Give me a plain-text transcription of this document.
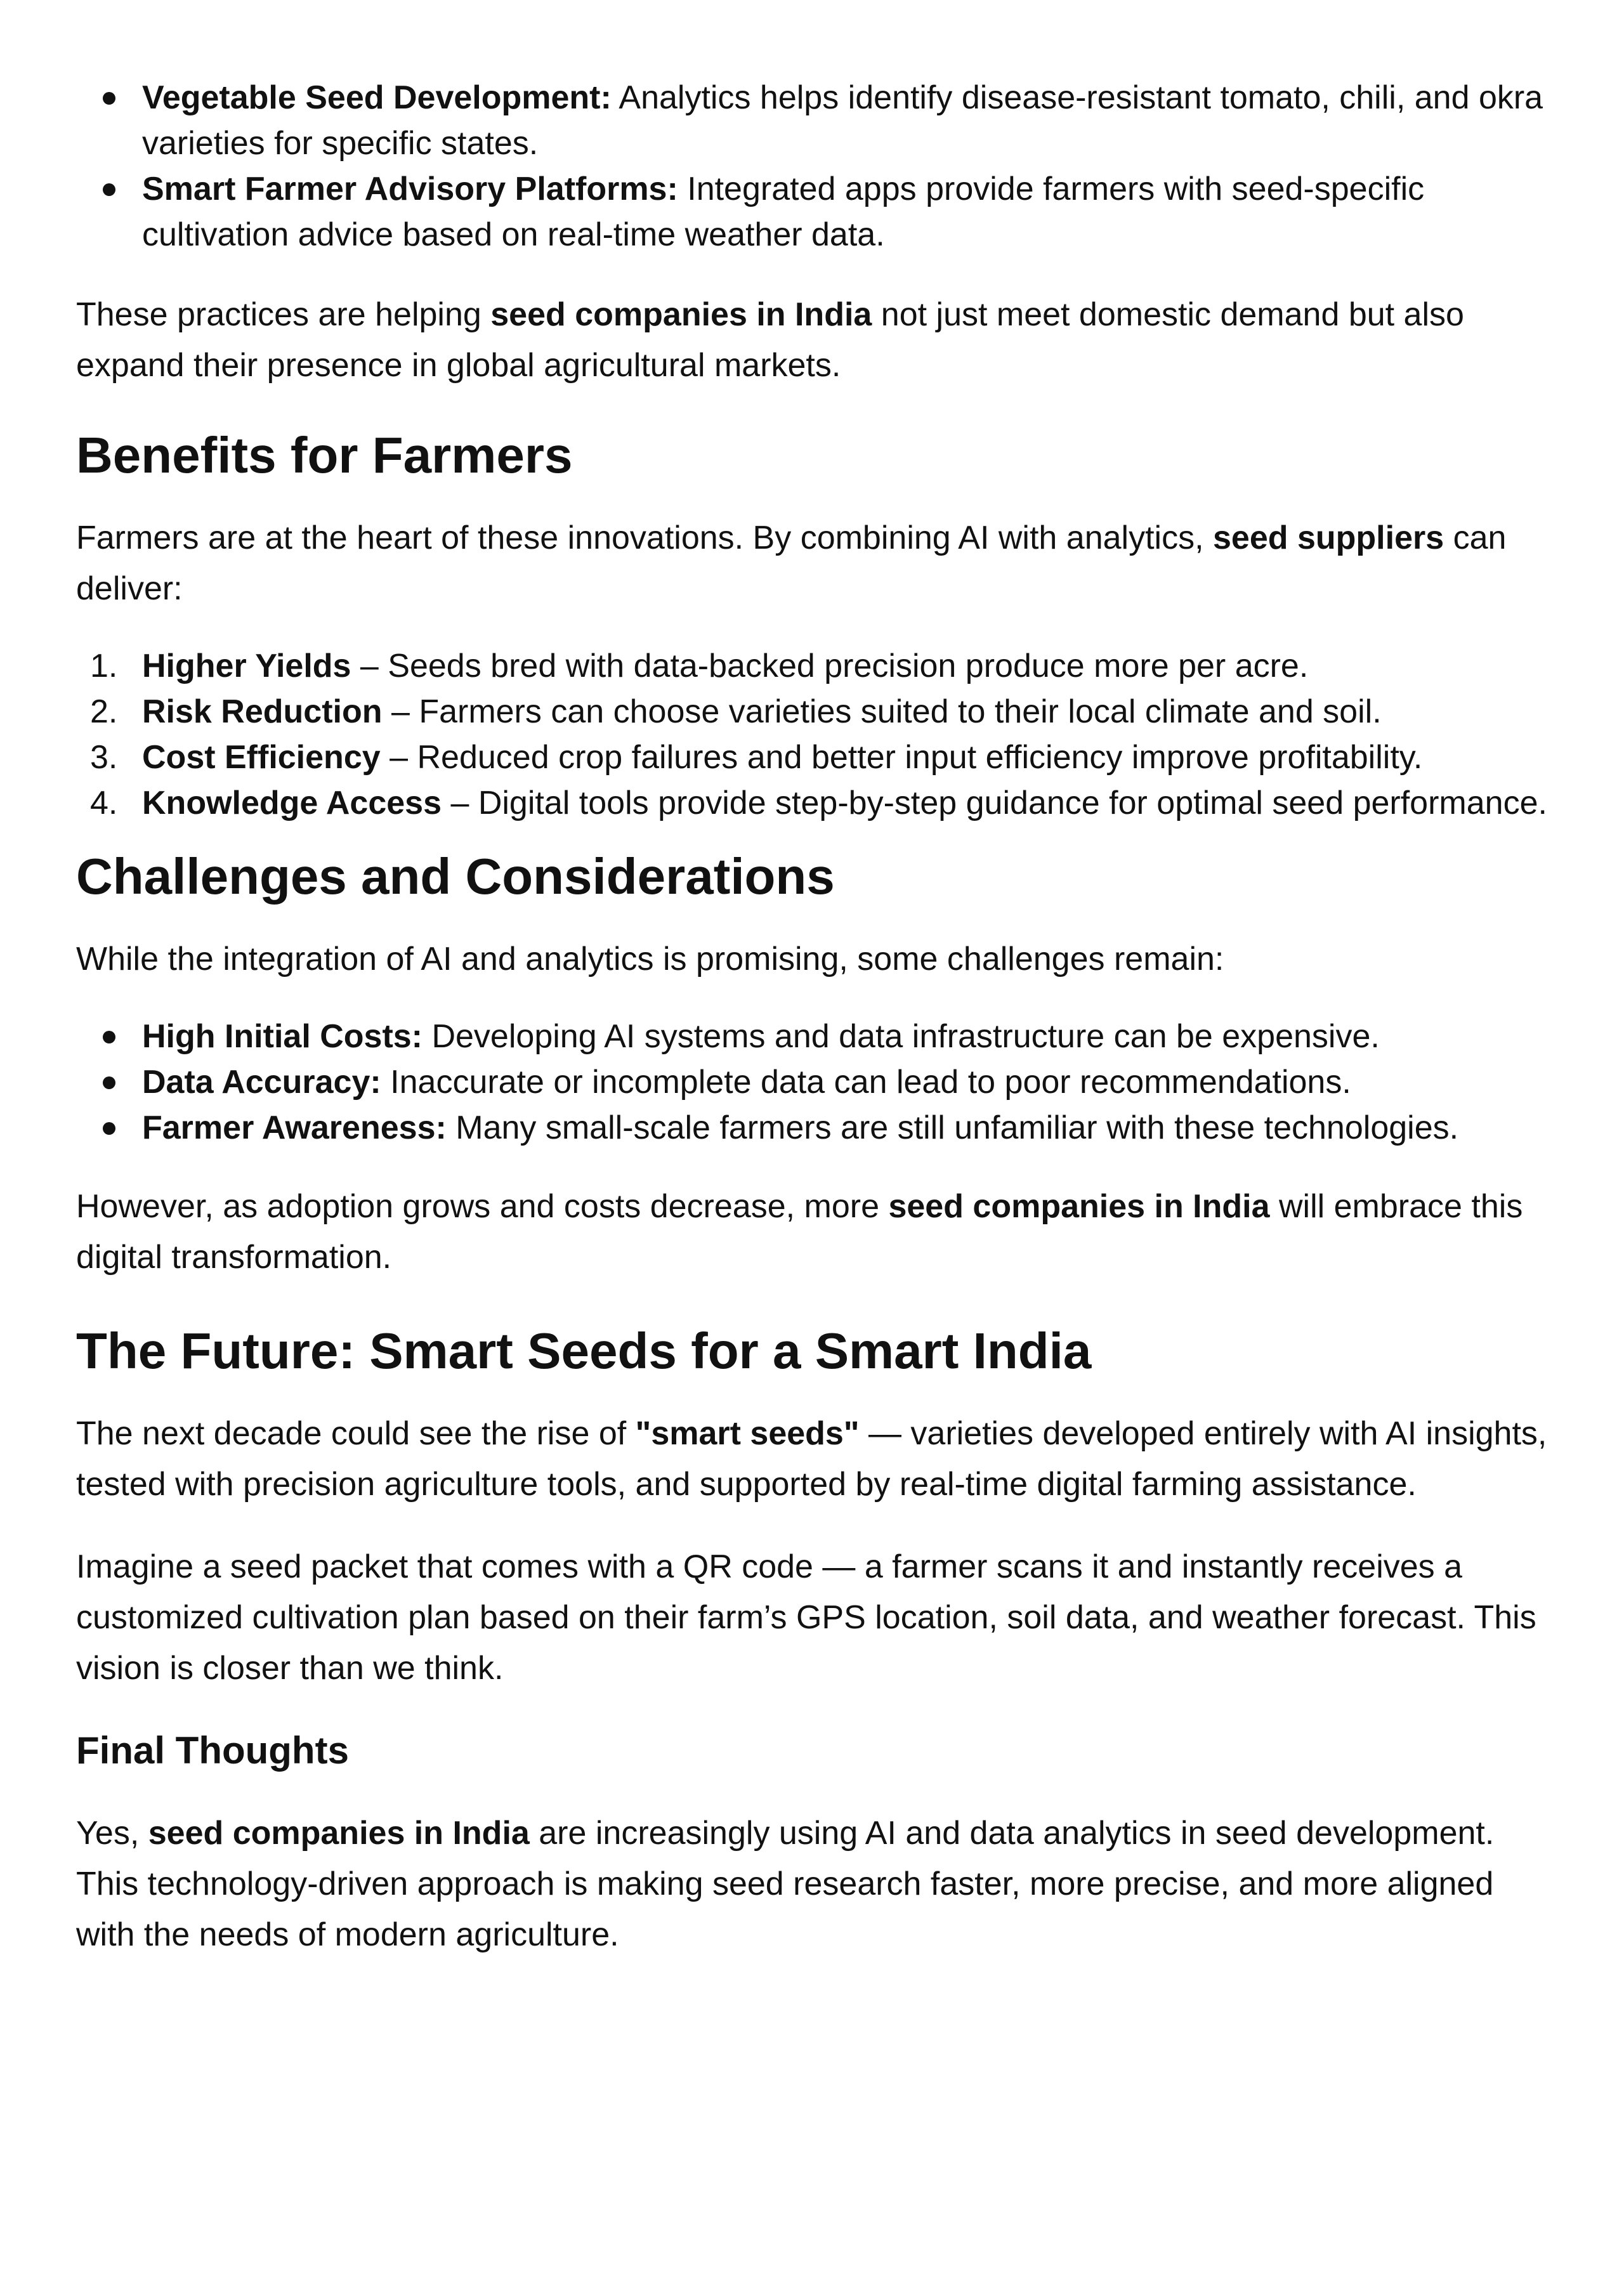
Vegetable Seed Development: Analytics helps identify disease-resistant tomato, chili, and okra varieties for specific states.
Smart Farmer Advisory Platforms: Integrated apps provide farmers with seed-specific cultivation advice based on real-time weather data.

These practices are helping seed companies in India not just meet domestic demand but also expand their presence in global agricultural markets.

Benefits for Farmers

Farmers are at the heart of these innovations. By combining AI with analytics, seed suppliers can deliver:

1. Higher Yields – Seeds bred with data-backed precision produce more per acre.
2. Risk Reduction – Farmers can choose varieties suited to their local climate and soil.
3. Cost Efficiency – Reduced crop failures and better input efficiency improve profitability.
4. Knowledge Access – Digital tools provide step-by-step guidance for optimal seed performance.
Challenges and Considerations

While the integration of AI and analytics is promising, some challenges remain:

High Initial Costs: Developing AI systems and data infrastructure can be expensive.
Data Accuracy: Inaccurate or incomplete data can lead to poor recommendations.
Farmer Awareness: Many small-scale farmers are still unfamiliar with these technologies.

However, as adoption grows and costs decrease, more seed companies in India will embrace this digital transformation.

The Future: Smart Seeds for a Smart India

The next decade could see the rise of "smart seeds" — varieties developed entirely with AI insights, tested with precision agriculture tools, and supported by real-time digital farming assistance.

Imagine a seed packet that comes with a QR code — a farmer scans it and instantly receives a customized cultivation plan based on their farm’s GPS location, soil data, and weather forecast. This vision is closer than we think.

Final Thoughts

Yes, seed companies in India are increasingly using AI and data analytics in seed development. This technology-driven approach is making seed research faster, more precise, and more aligned with the needs of modern agriculture.
